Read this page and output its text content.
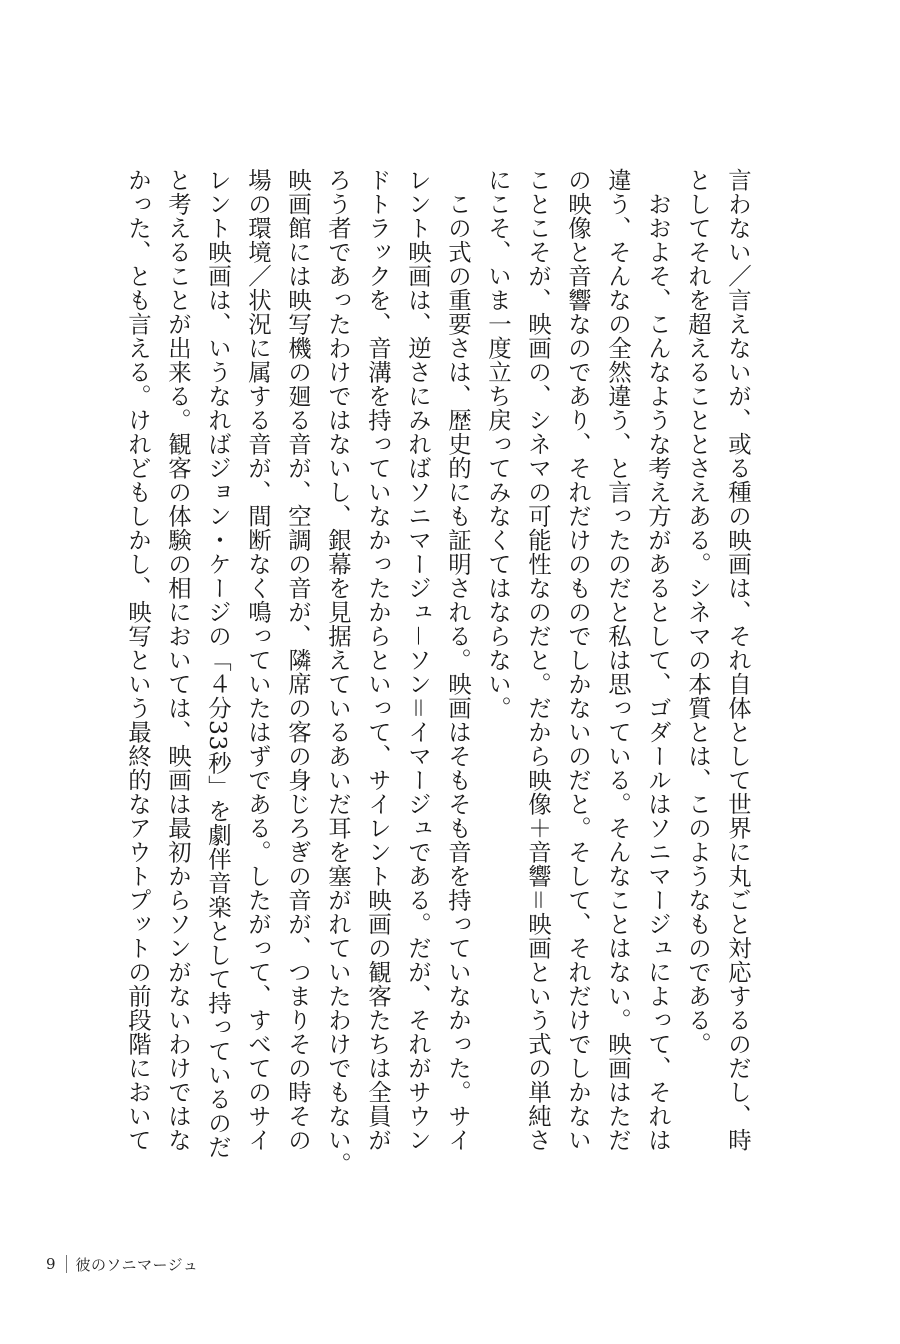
言わない／言えないが、或る種の映画は、それ自体として世界に丸ごと対応するのだし、時

としてそれを超えることとさえある。シネマの本質とは、このようなものである。

　おおよそ、こんなような考え方があるとして、ゴダールはソニマージュによって、それは

違う、そんなの全然違う、と言ったのだと私は思っている。そんなことはない。映画はただ

の映像と音響なのであり、それだけのものでしかないのだと。そして、それだけでしかない

ことこそが、映画の、シネマの可能性なのだと。だから映像＋音響＝映画という式の単純さ

にこそ、いま一度立ち戻ってみなくてはならない。

　この式の重要さは、歴史的にも証明される。映画はそもそも音を持っていなかった。サイ

レント映画は、逆さにみればソニマージュ－ソン＝イマージュである。だが、それがサウン

ドトラックを、音溝を持っていなかったからといって、サイレント映画の観客たちは全員が

ろう者であったわけではないし、銀幕を見据えているあいだ耳を塞がれていたわけでもない。

映画館には映写機の廻る音が、空調の音が、隣席の客の身じろぎの音が、つまりその時その

場の環境／状況に属する音が、間断なく鳴っていたはずである。したがって、すべてのサイ

レント映画は、いうなればジョン・ケージの「４分33秒」を劇伴音楽として持っているのだ

と考えることが出来る。観客の体験の相においては、映画は最初からソンがないわけではな

かった、とも言える。けれどもしかし、映写という最終的なアウトプットの前段階において

9 彼のソニマージュ
